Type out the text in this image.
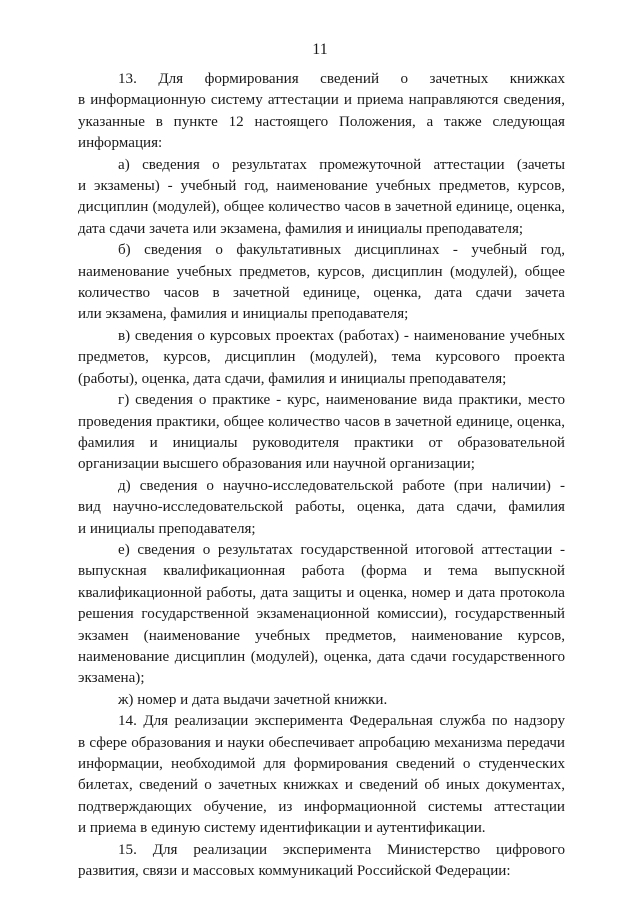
11

13. Для формирования сведений о зачетных книжках
в информационную систему аттестации и приема направляются сведения,
указанные в пункте 12 настоящего Положения, а также следующая
информация:

а) сведения о результатах промежуточной аттестации (зачеты
и экзамены) - учебный год, наименование учебных предметов, курсов,
дисциплин (модулей), общее количество часов в зачетной единице, оценка,
дата сдачи зачета или экзамена, фамилия и инициалы преподавателя;

б) сведения о факультативных дисциплинах - учебный год,
наименование учебных предметов, курсов, дисциплин (модулей), общее
количество часов в зачетной единице, оценка, дата сдачи зачета
или экзамена, фамилия и инициалы преподавателя;

в) сведения о курсовых проектах (работах) - наименование учебных
предметов, курсов, дисциплин (модулей), тема курсового проекта
(работы), оценка, дата сдачи, фамилия и инициалы преподавателя;

г) сведения о практике - курс, наименование вида практики, место
проведения практики, общее количество часов в зачетной единице, оценка,
фамилия и инициалы руководителя практики от образовательной
организации высшего образования или научной организации;

д) сведения о научно-исследовательской работе (при наличии) -
вид научно-исследовательской работы, оценка, дата сдачи, фамилия
и инициалы преподавателя;

е) сведения о результатах государственной итоговой аттестации -
выпускная квалификационная работа (форма и тема выпускной
квалификационной работы, дата защиты и оценка, номер и дата протокола
решения государственной экзаменационной комиссии), государственный
экзамен (наименование учебных предметов, наименование курсов,
наименование дисциплин (модулей), оценка, дата сдачи государственного
экзамена);

ж) номер и дата выдачи зачетной книжки.

14. Для реализации эксперимента Федеральная служба по надзору
в сфере образования и науки обеспечивает апробацию механизма передачи
информации, необходимой для формирования сведений о студенческих
билетах, сведений о зачетных книжках и сведений об иных документах,
подтверждающих обучение, из информационной системы аттестации
и приема в единую систему идентификации и аутентификации.

15. Для реализации эксперимента Министерство цифрового
развития, связи и массовых коммуникаций Российской Федерации:
